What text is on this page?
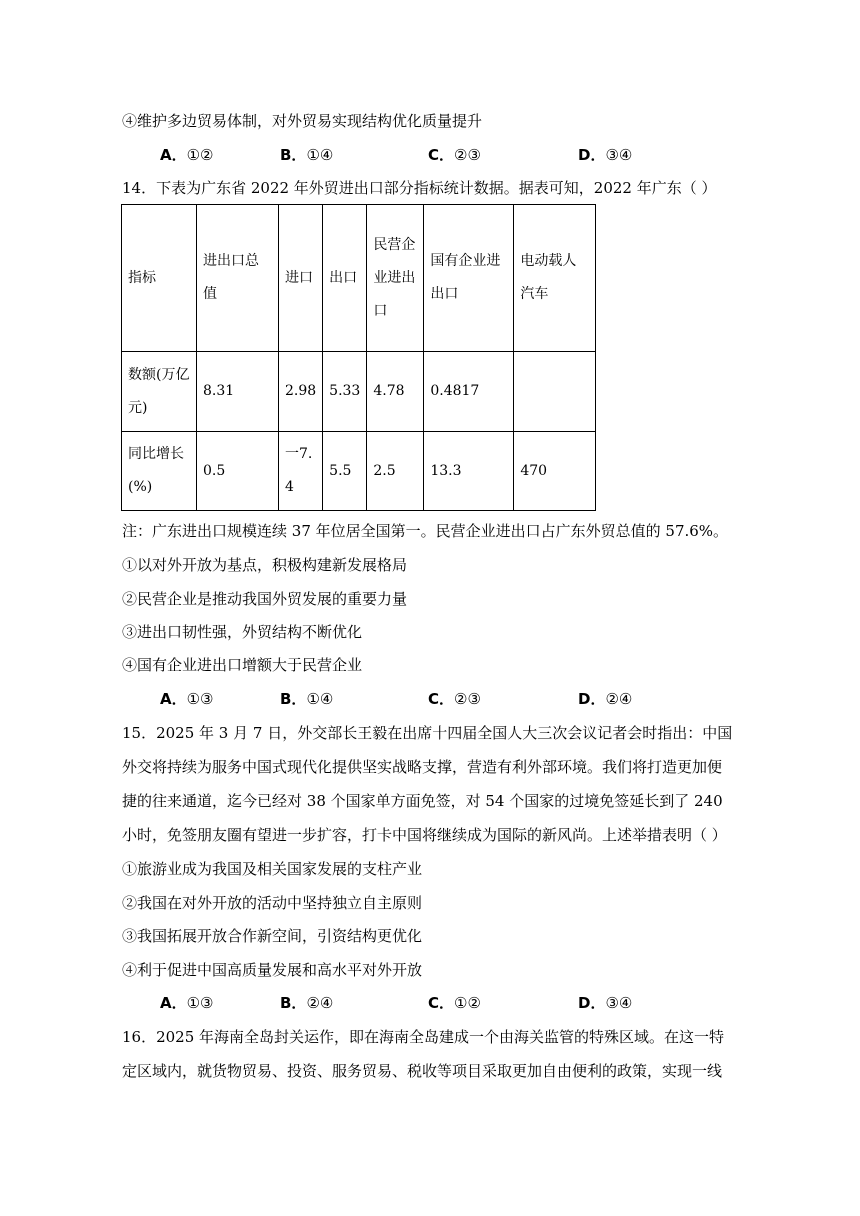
④维护多边贸易体制，对外贸易实现结构优化质量提升
A．①②	B．①④	C．②③	D．③④
14．下表为广东省 2022 年外贸进出口部分指标统计数据。据表可知，2022 年广东（ ）
指标	进出口总值	进口	出口	民营企业进出口	国有企业进出口	电动载人汽车
数额(万亿元)	8.31	2.98	5.33	4.78	0.4817	
同比增长(%)	0.5	一7.4	5.5	2.5	13.3	470
注：广东进出口规模连续 37 年位居全国第一。民营企业进出口占广东外贸总值的 57.6%。
①以对外开放为基点，积极构建新发展格局
②民营企业是推动我国外贸发展的重要力量
③进出口韧性强，外贸结构不断优化
④国有企业进出口增额大于民营企业
A．①③	B．①④	C．②③	D．②④
15．2025 年 3 月 7 日，外交部长王毅在出席十四届全国人大三次会议记者会时指出：中国
外交将持续为服务中国式现代化提供坚实战略支撑，营造有利外部环境。我们将打造更加便
捷的往来通道，迄今已经对 38 个国家单方面免签，对 54 个国家的过境免签延长到了 240
小时，免签朋友圈有望进一步扩容，打卡中国将继续成为国际的新风尚。上述举措表明（ ）
①旅游业成为我国及相关国家发展的支柱产业
②我国在对外开放的活动中坚持独立自主原则
③我国拓展开放合作新空间，引资结构更优化
④利于促进中国高质量发展和高水平对外开放
A．①③	B．②④	C．①②	D．③④
16．2025 年海南全岛封关运作，即在海南全岛建成一个由海关监管的特殊区域。在这一特
定区域内，就货物贸易、投资、服务贸易、税收等项目采取更加自由便利的政策，实现一线
